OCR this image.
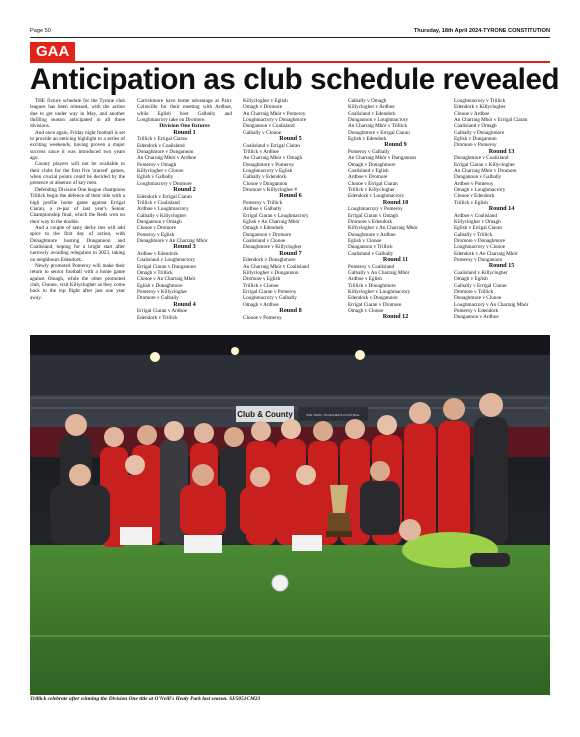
Page 50	Thursday, 18th April 2024-TYRONE CONSTITUTION
GAA
Anticipation as club schedule revealed

THE fixture schedule for the Tyrone club leagues has been released, with the action due to get under way in May, and another thrilling season anticipated in all three divisions.

And once again, Friday night football is set to provide an enticing highlight to a series of exciting weekends, having proven a major success since it was introduced two years ago.

County players will not be available to their clubs for the first five 'starred' games, when crucial points could be decided by the presence or absence of key men.

Defending Division One league champions Trillick begin the defence of their title with a high profile home game against Errigal Ciaran, a re-par of last year's Senior Championship final, which the Reds won on their way to the double.

And a couple of tasty derby ties will add spice to the first day of action, with Donaghmore hosting Dungannon and Coalisland, hoping for a bright start after narrowly avoiding relegation in 2023, taking on neighbours Edendork.

Newly promoted Pomeroy will make their return to senior football with a home game against Omagh, while the other promoted club, Clonoe, visit Killyclogher as they come back to the top flight after just one year away.

Carrickmore have home advantage at Páirc Colmcille for their meeting with Ardboe, while Eglish host Galbally and Loughmacrory take on Dromore.

Division One fixtures
Round 1
Trillick v Errigal Ciaran
Edendork v Coalisland
Donaghmore v Dungannon
An Charraig Mhór v Ardboe
Pomeroy v Omagh
Killyclogher v Clonoe
Eglish v Galbally
Loughmacrory v Dromore
Round 2
Edendork v Errigal Ciaran
Trillick v Coalisland
Ardboe v Loughmacrory
Galbally v Killyclogher
Dungannon v Omagh
Clonoe v Dromore
Pomeroy v Eglish
Donaghmore v An Charraig Mhór
Round 3
Ardboe v Edendork
Coalisland v Loughmacrory
Errigal Ciaran v Dungannon
Omagh v Trillick
Clonoe v An Charraig Mhór
Eglish v Donaghmore
Pomeroy v Killyclogher
Dromore v Galbally
Round 4
Errigal Ciaran v Ardboe
Edendork v Trillick
Killyclogher v Eglish
Omagh v Dromore
An Charraig Mhór v Pomeroy
Loughmacrory v Donaghmore
Dungannon v Coalisland
Galbally v Clonoe
Round 5
Coalisland v Errigal Ciaran
Trillick v Ardboe
An Charraig Mhór v Omagh
Donaghmore v Pomeroy
Loughmacrory v Eglish
Galbally v Edendork
Clonoe v Dungannon
Dromore v Killyclogher #
Round 6
Pomeroy v Trillick
Ardboe v Galbally
Errigal Ciaran v Loughmacrory
Eglish v An Charraig Mhór
Omagh v Edendork
Dungannon v Dromore
Coalisland v Clonoe
Donaghmore v Killyclogher
Round 7
Edendork v Donaghmore
An Charraig Mhór v Coalisland
Killyclogher v Dungannon
Dromore v Eglish
Trillick v Clonoe
Errigal Ciaran v Pomeroy
Loughmacrory v Galbally
Omagh v Ardboe
Round 8
Clonoe v Pomeroy
Galbally v Omagh
Killyclogher v Ardboe
Coalisland v Edendork
Dungannon v Loughmacrory
An Charraig Mhór v Trillick
Donaghmore v Errigal Ciaran
Eglish v Edendork
Round 9
Pomeroy v Galbally
An Charraig Mhór v Dungannon
Omagh v Donaghmore
Coalisland v Eglish
Ardboe v Dromore
Clonoe v Errigal Ciaran
Trillick v Killyclogher
Edendork v Loughmacrory
Round 10
Loughmacrory v Pomeroy
Errigal Ciaran v Omagh
Dromore v Edendork
Killyclogher v An Charraig Mhór
Donaghmore v Ardboe
Eglish v Clonoe
Dungannon v Trillick
Coalisland v Galbally
Round 11
Pomeroy v Coalisland
Galbally v An Charraig Mhór
Ardboe v Eglish
Trillick v Donaghmore
Killyclogher v Loughmacrory
Edendork v Dungannon
Errigal Ciaran v Dromore
Omagh v Clonoe
Round 12
Loughmacrory v Trillick
Edendork v Killyclogher
Clonoe v Ardboe
An Charraig Mhór v Errigal Ciaran
Coalisland v Omagh
Galbally v Donaghmore
Eglish v Dungannon
Dromore v Pomeroy
Round 13
Donaghmore v Coalisland
Errigal Ciaran v Killyclogher
An Charraig Mhór v Dromore
Dungannon v Galbally
Ardboe v Pomeroy
Omagh v Loughmacrory
Clonoe v Edendork
Trillick v Eglish
Round 14
Ardboe v Coalisland
Killyclogher v Omagh
Eglish v Errigal Ciaran
Galbally v Trillick
Dromore v Donaghmore
Loughmacrory v Clonoe
Edendork v An Charraig Mhór
Pomeroy v Dungannon
Round 15
Coalisland v Killyclogher
Omagh v Eglish
Galbally v Errigal Ciaran
Dromore v Trillick
Donaghmore v Clonoe
Loughmacrory v An Charraig Mhór
Pomeroy v Edendork
Dungannon v Ardboe
Club & County	ONE TEAM, TOGETHER IN FOOTBALL
Trillick celebrate after winning the Division One title at O'Neill's Healy Park last season. SI/5051CM23
